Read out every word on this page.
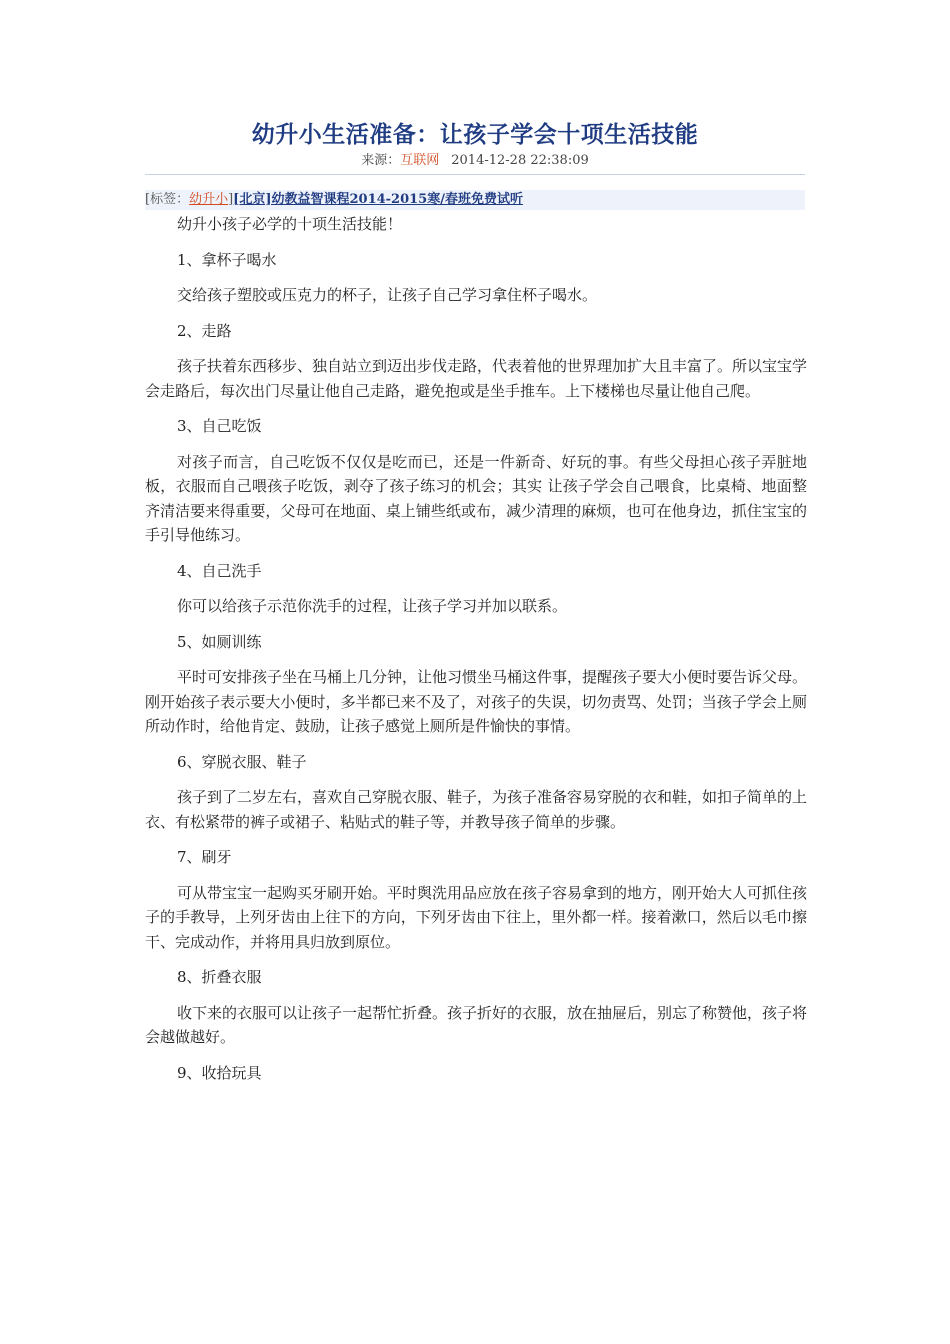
幼升小生活准备：让孩子学会十项生活技能
来源：互联网 2014-12-28 22:38:09
[标签：幼升小][北京]幼教益智课程2014-2015寒/春班免费试听

幼升小孩子必学的十项生活技能！

1、拿杯子喝水

交给孩子塑胶或压克力的杯子，让孩子自己学习拿住杯子喝水。

2、走路

孩子扶着东西移步、独自站立到迈出步伐走路，代表着他的世界理加扩大且丰富了。所以宝宝学会走路后，每次出门尽量让他自己走路，避免抱或是坐手推车。上下楼梯也尽量让他自己爬。

3、自己吃饭

对孩子而言，自己吃饭不仅仅是吃而已，还是一件新奇、好玩的事。有些父母担心孩子弄脏地板，衣服而自己喂孩子吃饭，剥夺了孩子练习的机会；其实 让孩子学会自己喂食，比桌椅、地面整齐清洁要来得重要，父母可在地面、桌上铺些纸或布，减少清理的麻烦，也可在他身边，抓住宝宝的手引导他练习。

4、自己洗手

你可以给孩子示范你洗手的过程，让孩子学习并加以联系。

5、如厕训练

平时可安排孩子坐在马桶上几分钟，让他习惯坐马桶这件事，提醒孩子要大小便时要告诉父母。刚开始孩子表示要大小便时，多半都已来不及了，对孩子的失误，切勿责骂、处罚；当孩子学会上厕所动作时，给他肯定、鼓励，让孩子感觉上厕所是件愉快的事情。

6、穿脱衣服、鞋子

孩子到了二岁左右，喜欢自己穿脱衣服、鞋子，为孩子准备容易穿脱的衣和鞋，如扣子简单的上衣、有松紧带的裤子或裙子、粘贴式的鞋子等，并教导孩子简单的步骤。

7、刷牙

可从带宝宝一起购买牙刷开始。平时舆洗用品应放在孩子容易拿到的地方，刚开始大人可抓住孩子的手教导，上列牙齿由上往下的方向，下列牙齿由下往上，里外都一样。接着漱口，然后以毛巾擦干、完成动作，并将用具归放到原位。

8、折叠衣服

收下来的衣服可以让孩子一起帮忙折叠。孩子折好的衣服，放在抽屉后，别忘了称赞他，孩子将会越做越好。

9、收拾玩具
